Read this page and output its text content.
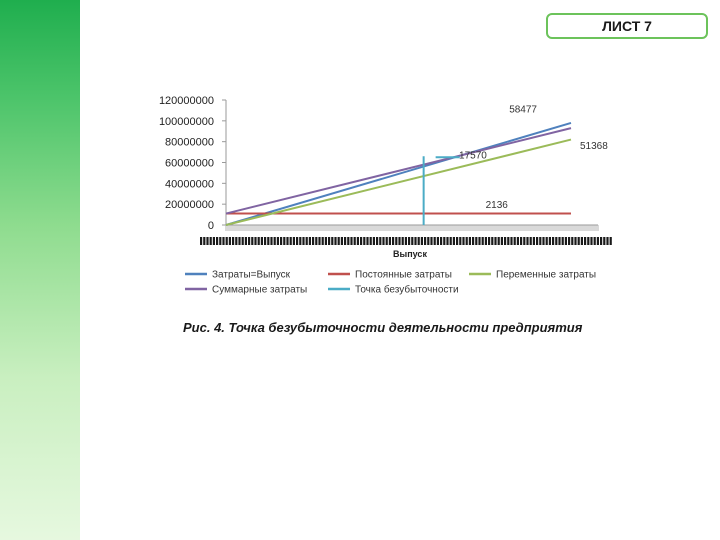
ЛИСТ 7
0
20000000
40000000
60000000
80000000
100000000
120000000
Выпуск
58477
51368
17570
2136
Затраты=Выпуск	Постоянные затраты	Переменные затраты
Суммарные затраты	Точка безубыточности
Рис. 4. Точка безубыточности деятельности предприятия
